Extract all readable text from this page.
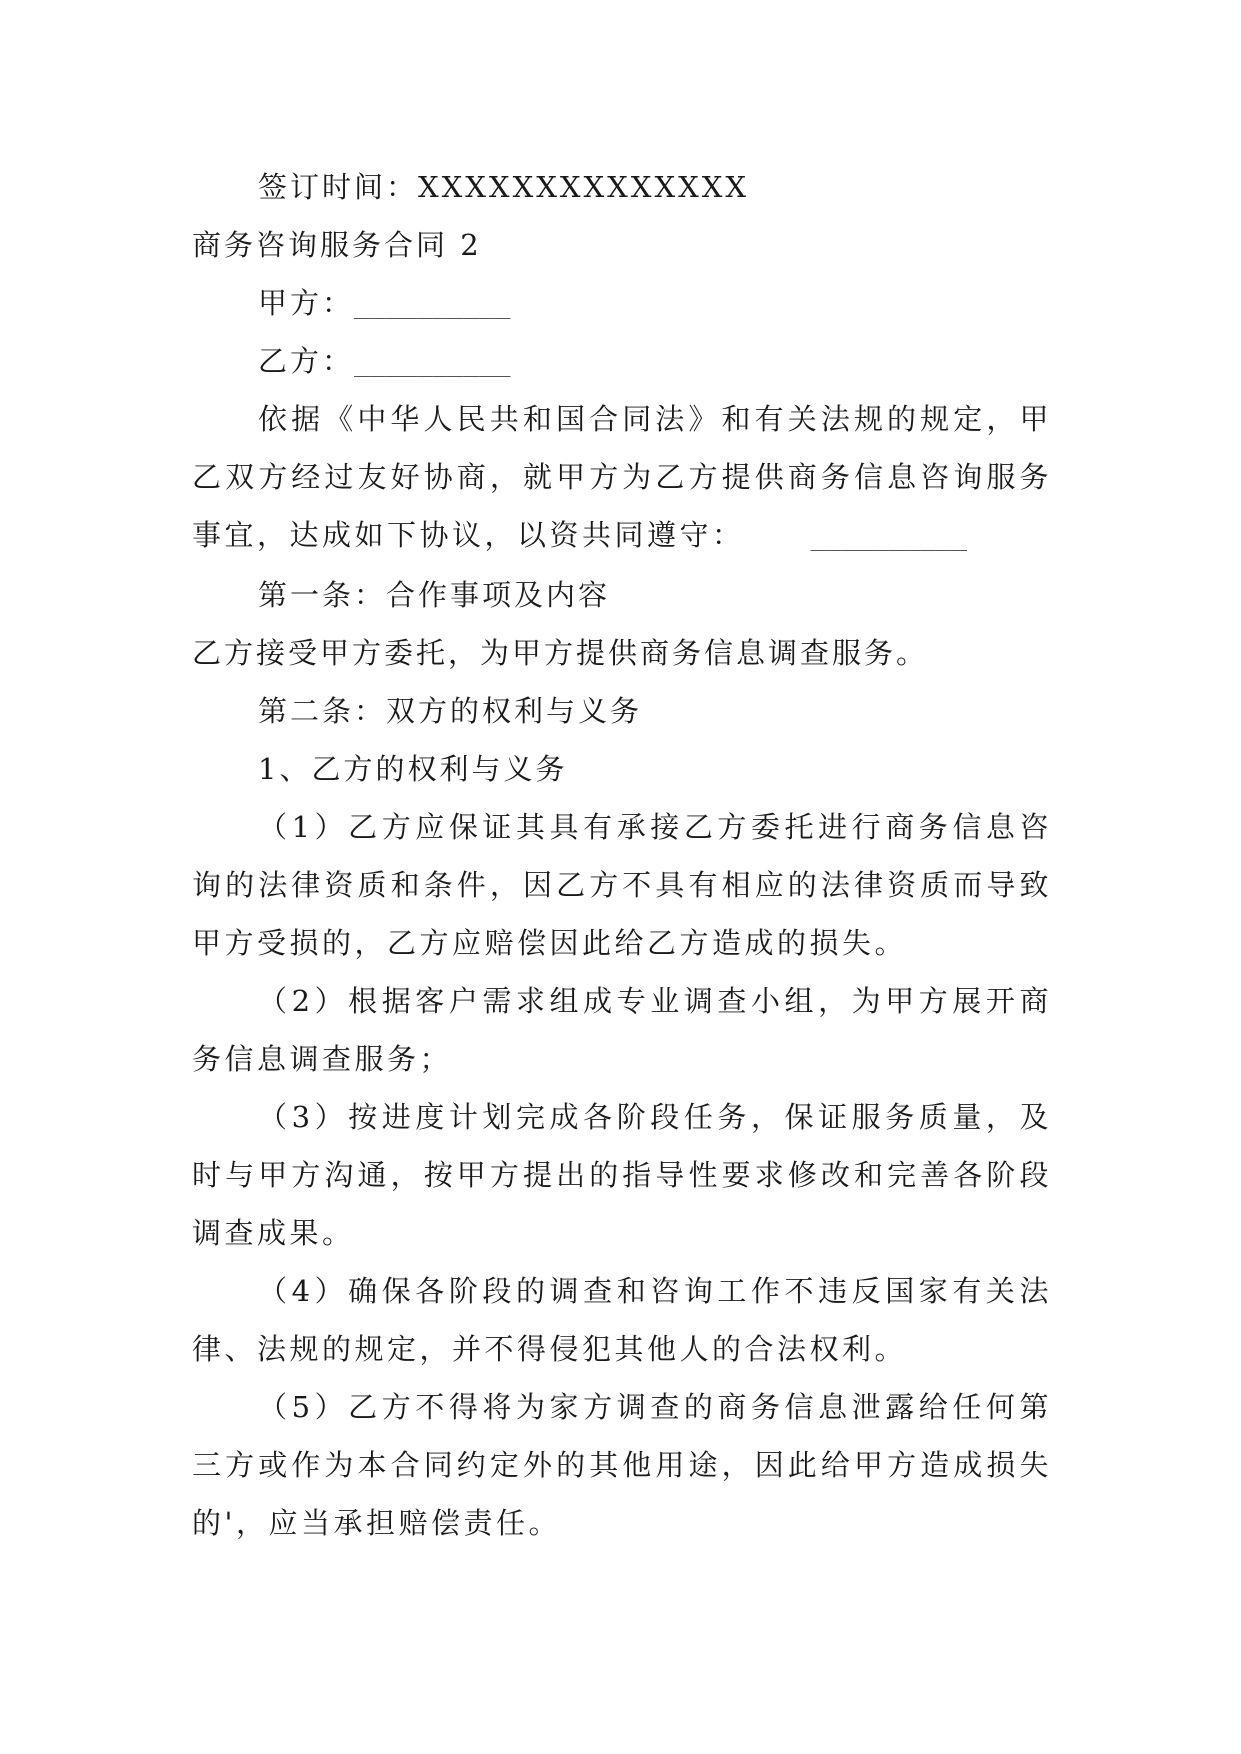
签订时间：XXXXXXXXXXXXXX

商务咨询服务合同 2

甲方：__________

乙方：__________

依据《中华人民共和国合同法》和有关法规的规定，甲乙双方经过友好协商，就甲方为乙方提供商务信息咨询服务事宜，达成如下协议，以资共同遵守：	__________

第一条：合作事项及内容

乙方接受甲方委托，为甲方提供商务信息调查服务。

第二条：双方的权利与义务

1、乙方的权利与义务

（1）乙方应保证其具有承接乙方委托进行商务信息咨询的法律资质和条件，因乙方不具有相应的法律资质而导致甲方受损的，乙方应赔偿因此给乙方造成的损失。

（2）根据客户需求组成专业调查小组，为甲方展开商务信息调查服务；

（3）按进度计划完成各阶段任务，保证服务质量，及时与甲方沟通，按甲方提出的指导性要求修改和完善各阶段调查成果。

（4）确保各阶段的调查和咨询工作不违反国家有关法律、法规的规定，并不得侵犯其他人的合法权利。

（5）乙方不得将为家方调查的商务信息泄露给任何第三方或作为本合同约定外的其他用途，因此给甲方造成损失的'，应当承担赔偿责任。
